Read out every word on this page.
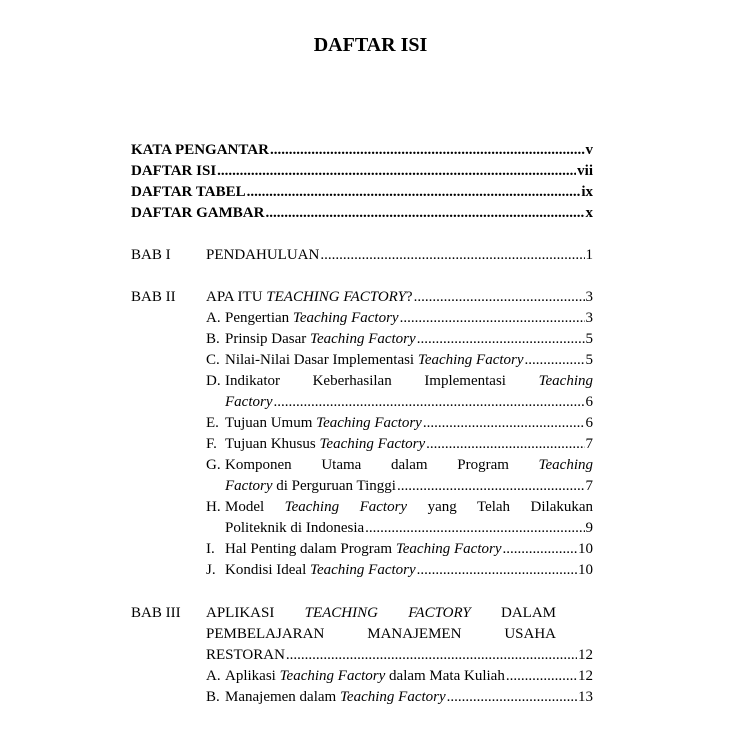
DAFTAR ISI
KATA PENGANTAR .....	v
DAFTAR ISI .....	vii
DAFTAR TABEL .....	ix
DAFTAR GAMBAR .....	x
BAB I	PENDAHULUAN .....	1
BAB II	APA ITU TEACHING FACTORY? .....	3
A. Pengertian Teaching Factory .....	3
B. Prinsip Dasar Teaching Factory .....	5
C. Nilai-Nilai Dasar Implementasi Teaching Factory .....	5
D. Indikator Keberhasilan Implementasi Teaching
Factory .....	6
E. Tujuan Umum Teaching Factory .....	6
F. Tujuan Khusus Teaching Factory .....	7
G. Komponen Utama dalam Program Teaching
Factory di Perguruan Tinggi .....	7
H. Model Teaching Factory yang Telah Dilakukan
Politeknik di Indonesia .....	9
I. Hal Penting dalam Program Teaching Factory .....	10
J. Kondisi Ideal Teaching Factory .....	10
BAB III	APLIKASI TEACHING FACTORY DALAM
PEMBELAJARAN	MANAJEMEN	USAHA
RESTORAN .....	12
A. Aplikasi Teaching Factory dalam Mata Kuliah .....	12
B. Manajemen dalam Teaching Factory .....	13
